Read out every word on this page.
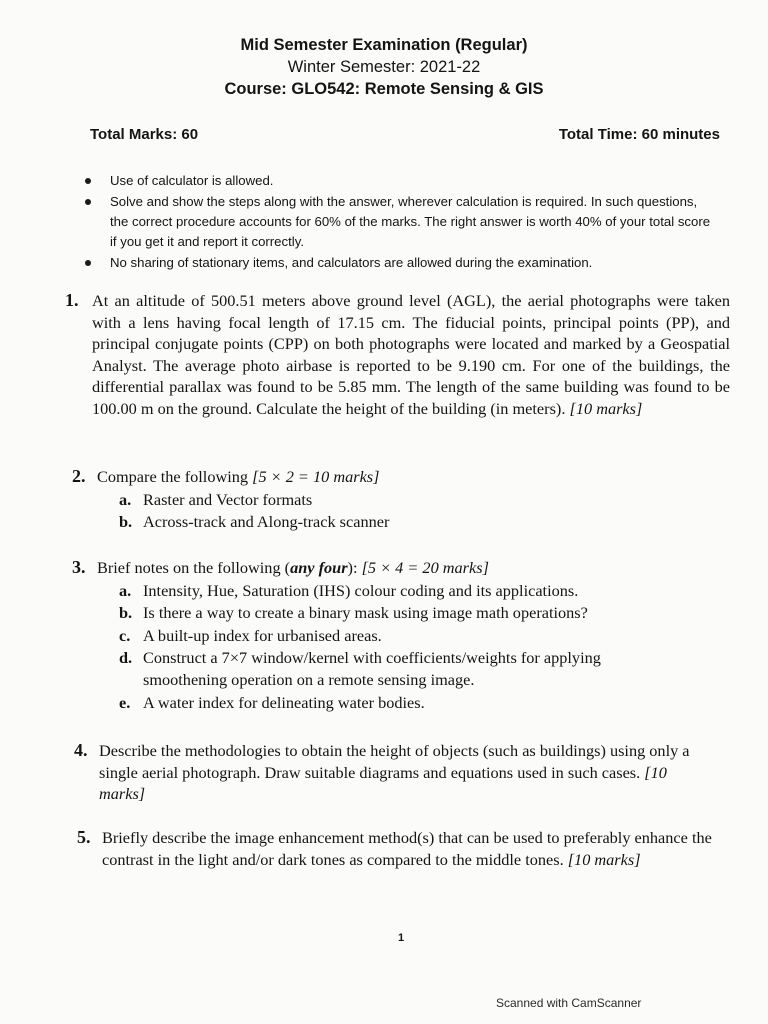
Mid Semester Examination (Regular)
Winter Semester: 2021-22
Course: GLO542: Remote Sensing & GIS
Total Marks: 60	Total Time: 60 minutes
Use of calculator is allowed.
Solve and show the steps along with the answer, wherever calculation is required. In such questions, the correct procedure accounts for 60% of the marks. The right answer is worth 40% of your total score if you get it and report it correctly.
No sharing of stationary items, and calculators are allowed during the examination.
1. At an altitude of 500.51 meters above ground level (AGL), the aerial photographs were taken with a lens having focal length of 17.15 cm. The fiducial points, principal points (PP), and principal conjugate points (CPP) on both photographs were located and marked by a Geospatial Analyst. The average photo airbase is reported to be 9.190 cm. For one of the buildings, the differential parallax was found to be 5.85 mm. The length of the same building was found to be 100.00 m on the ground. Calculate the height of the building (in meters). [10 marks]
2. Compare the following [5 × 2 = 10 marks]
a. Raster and Vector formats
b. Across-track and Along-track scanner
3. Brief notes on the following (any four): [5 × 4 = 20 marks]
a. Intensity, Hue, Saturation (IHS) colour coding and its applications.
b. Is there a way to create a binary mask using image math operations?
c. A built-up index for urbanised areas.
d. Construct a 7×7 window/kernel with coefficients/weights for applying smoothening operation on a remote sensing image.
e. A water index for delineating water bodies.
4. Describe the methodologies to obtain the height of objects (such as buildings) using only a single aerial photograph. Draw suitable diagrams and equations used in such cases. [10 marks]
5. Briefly describe the image enhancement method(s) that can be used to preferably enhance the contrast in the light and/or dark tones as compared to the middle tones. [10 marks]
1
Scanned with CamScanner
